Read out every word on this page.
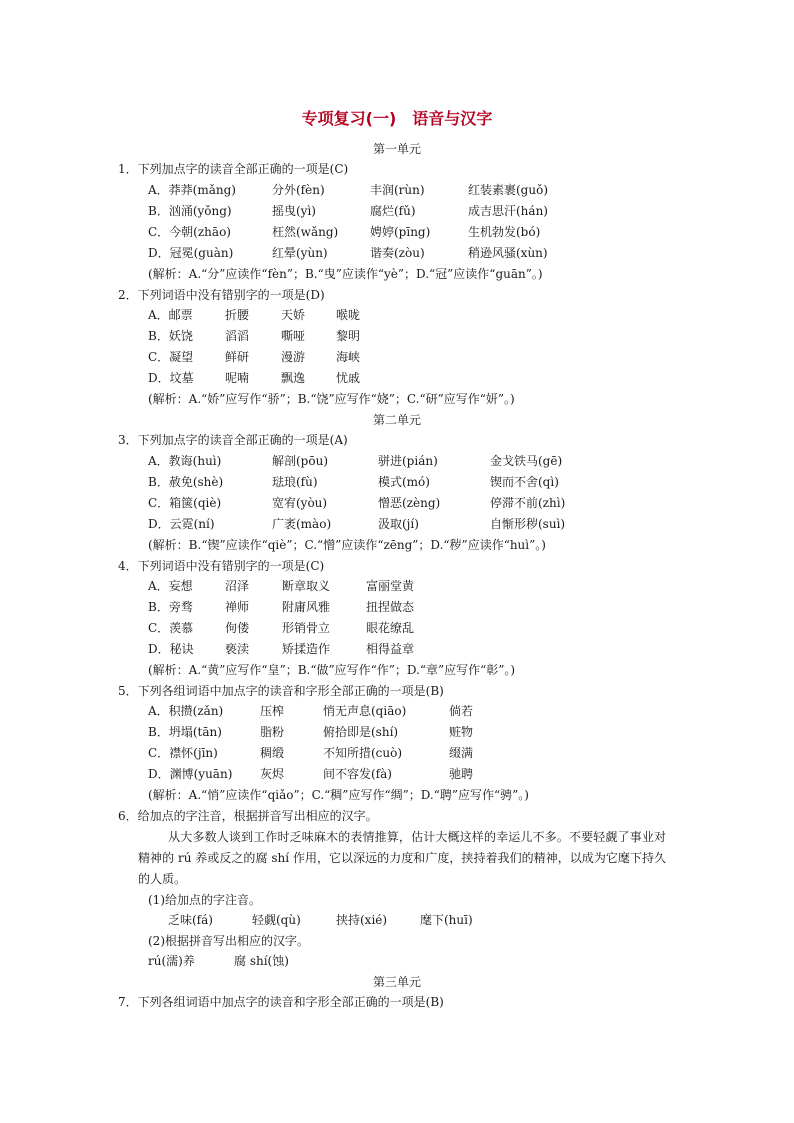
专项复习(一)　语音与汉字
第一单元
1．下列加点字的读音全部正确的一项是(C)
A．莽莽(mǎng)	分外(fèn)	丰润(rùn)	红装素裹(guǒ)
B．汹涌(yǒng)	摇曳(yì)	腐烂(fǔ)	成吉思汗(hán)
C．今朝(zhāo)	枉然(wǎng)	娉婷(pīng)	生机勃发(bó)
D．冠冕(guàn)	红晕(yùn)	谐奏(zòu)	稍逊风骚(xùn)
(解析：A.“分”应读作“fèn”；B.“曳”应读作“yè”；D.“冠”应读作“guān”。)
2．下列词语中没有错别字的一项是(D)
A．邮票	折腰	天娇	喉咙
B．妖饶	滔滔	嘶哑	黎明
C．凝望	鲜研	漫游	海峡
D．坟墓	呢喃	飘逸	忧戚
(解析：A.“娇”应写作“骄”；B.“饶”应写作“娆”；C.“研”应写作“妍”。)
第二单元
3．下列加点字的读音全部正确的一项是(A)
A．教诲(huì)	解剖(pōu)	骈进(pián)	金戈铁马(gē)
B．赦免(shè)	琺琅(fù)	模式(mó)	锲而不舍(qì)
C．箱箧(qiè)	宽宥(yòu)	憎恶(zèng)	停滞不前(zhì)
D．云霓(ní)	广袤(mào)	汲取(jí)	自惭形秽(suì)
(解析：B.“锲”应读作“qiè”；C.“憎”应读作“zēng”；D.“秽”应读作“huì”。)
4．下列词语中没有错别字的一项是(C)
A．妄想	沼泽	断章取义	富丽堂黄
B．旁骛	禅师	附庸风雅	扭捏做态
C．羡慕	佝偻	形销骨立	眼花缭乱
D．秘诀	亵渎	矫揉造作	相得益章
(解析：A.“黄”应写作“皇”；B.“做”应写作“作”；D.“章”应写作“彰”。)
5．下列各组词语中加点字的读音和字形全部正确的一项是(B)
A．积攒(zǎn)	压榨	悄无声息(qiāo)	倘若
B．坍塌(tān)	脂粉	俯拾即是(shí)	赃物
C．襟怀(jīn)	稠缎	不知所措(cuò)	缀满
D．渊博(yuān) 灰烬	间不容发(fà)	驰聘
(解析：A.“悄”应读作“qiǎo”；C.“稠”应写作“绸”；D.“聘”应写作“骋”。)
6．给加点的字注音，根据拼音写出相应的汉字。
从大多数人谈到工作时乏味麻木的表情推算，估计大概这样的幸运儿不多。不要轻觑了事业对精神的 rú 养或反之的腐 shí 作用，它以深远的力度和广度，挟持着我们的精神，以成为它麾下持久的人质。
(1)给加点的字注音。
乏味(fá)	轻觑(qù)	挟持(xié)	麾下(huī)
(2)根据拼音写出相应的汉字。
rú(濡)养	腐 shí(蚀)
第三单元
7．下列各组词语中加点字的读音和字形全部正确的一项是(B)
